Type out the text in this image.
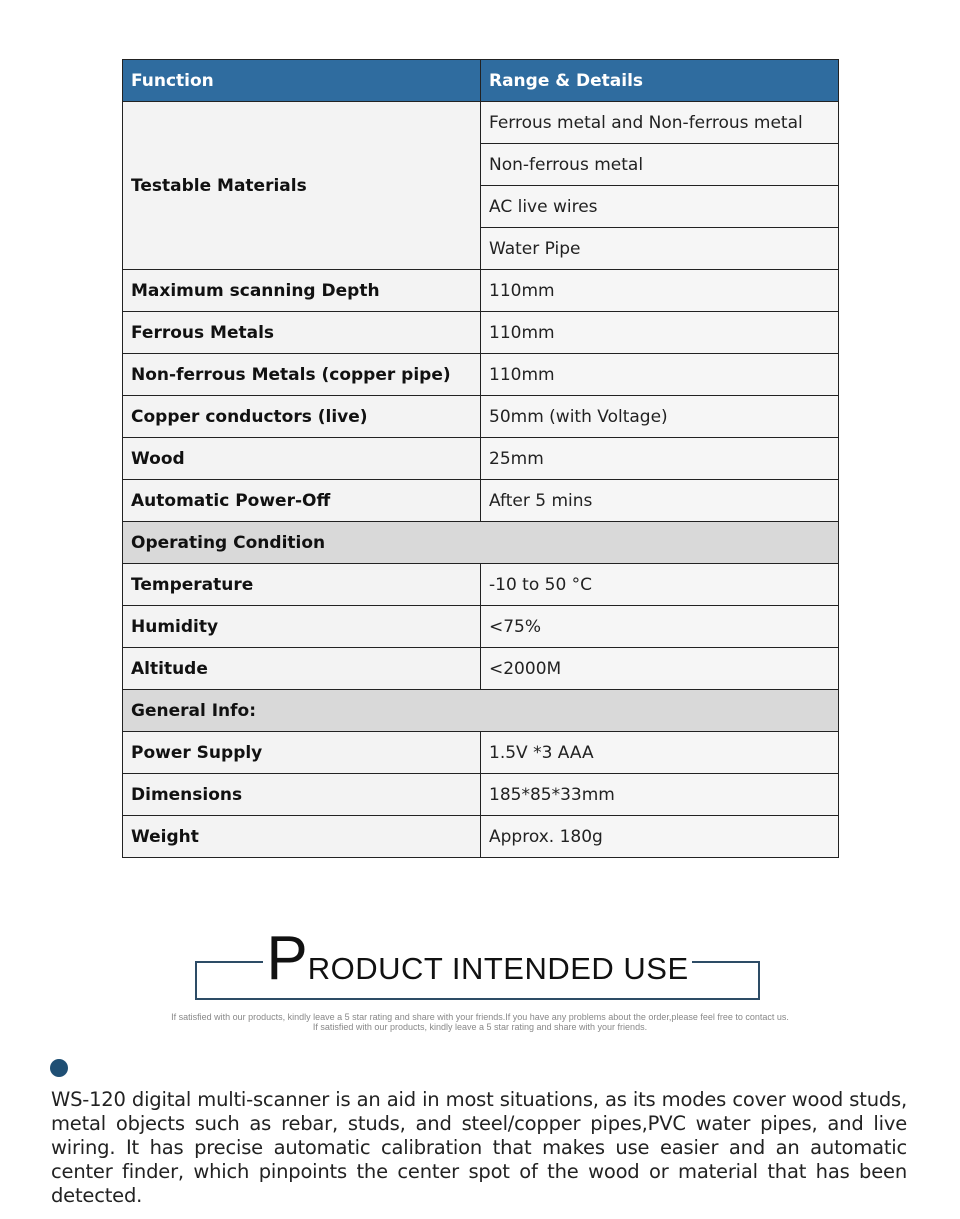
Function	Range & Details
Testable Materials	Ferrous metal and Non-ferrous metal
	Non-ferrous metal
	AC live wires
	Water Pipe
Maximum scanning Depth	110mm
Ferrous Metals	110mm
Non-ferrous Metals (copper pipe)	110mm
Copper conductors (live)	50mm (with Voltage)
Wood	25mm
Automatic Power-Off	After 5 mins
Operating Condition	
Temperature	-10 to 50 °C
Humidity	<75%
Altitude	<2000M
General Info:	
Power Supply	1.5V *3 AAA
Dimensions	185*85*33mm
Weight	Approx. 180g
PRODUCT INTENDED USE
If satisfied with our products, kindly leave a 5 star rating and share with your friends.If you have any problems about the order,please feel free to contact us.
If satisfied with our products, kindly leave a 5 star rating and share with your friends.

WS-120 digital multi-scanner is an aid in most situations, as its modes cover wood studs, metal objects such as rebar, studs, and steel/copper pipes,PVC water pipes, and live wiring. It has precise automatic calibration that makes use easier and an automatic center finder, which pinpoints the center spot of the wood or material that has been detected.
